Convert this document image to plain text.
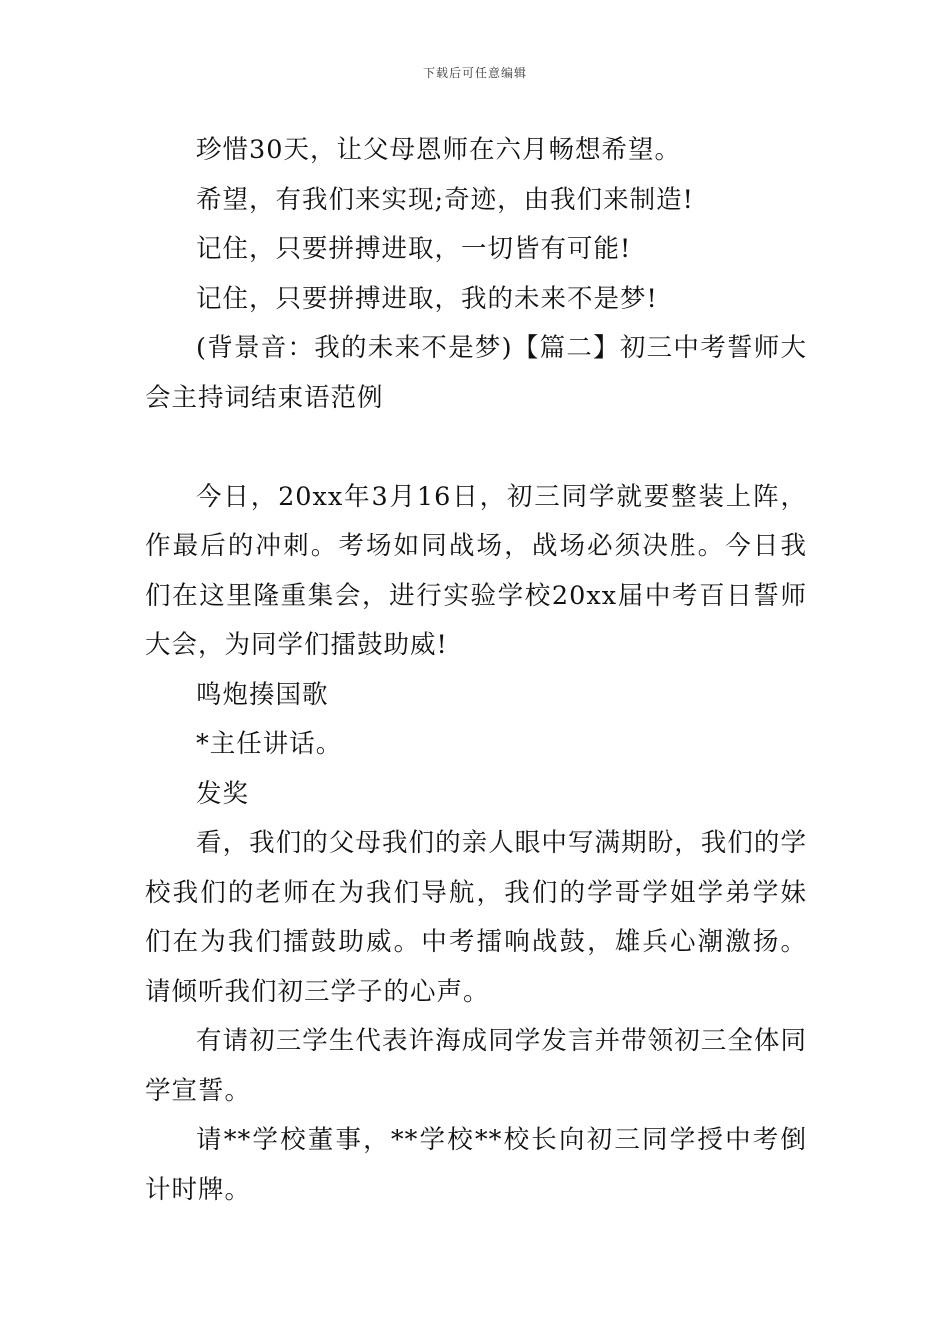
下载后可任意编辑

珍惜30天，让父母恩师在六月畅想希望。

希望，有我们来实现;奇迹，由我们来制造!

记住，只要拼搏进取，一切皆有可能!

记住，只要拼搏进取，我的未来不是梦!

(背景音：我的未来不是梦)【篇二】初三中考誓师大会主持词结束语范例

今日，20xx年3月16日，初三同学就要整装上阵，作最后的冲刺。考场如同战场，战场必须决胜。今日我们在这里隆重集会，进行实验学校20xx届中考百日誓师大会，为同学们擂鼓助威!

鸣炮揍国歌

*主任讲话。

发奖

看，我们的父母我们的亲人眼中写满期盼，我们的学校我们的老师在为我们导航，我们的学哥学姐学弟学妹们在为我们擂鼓助威。中考擂响战鼓，雄兵心潮激扬。请倾听我们初三学子的心声。

有请初三学生代表许海成同学发言并带领初三全体同学宣誓。

请**学校董事，**学校**校长向初三同学授中考倒计时牌。
